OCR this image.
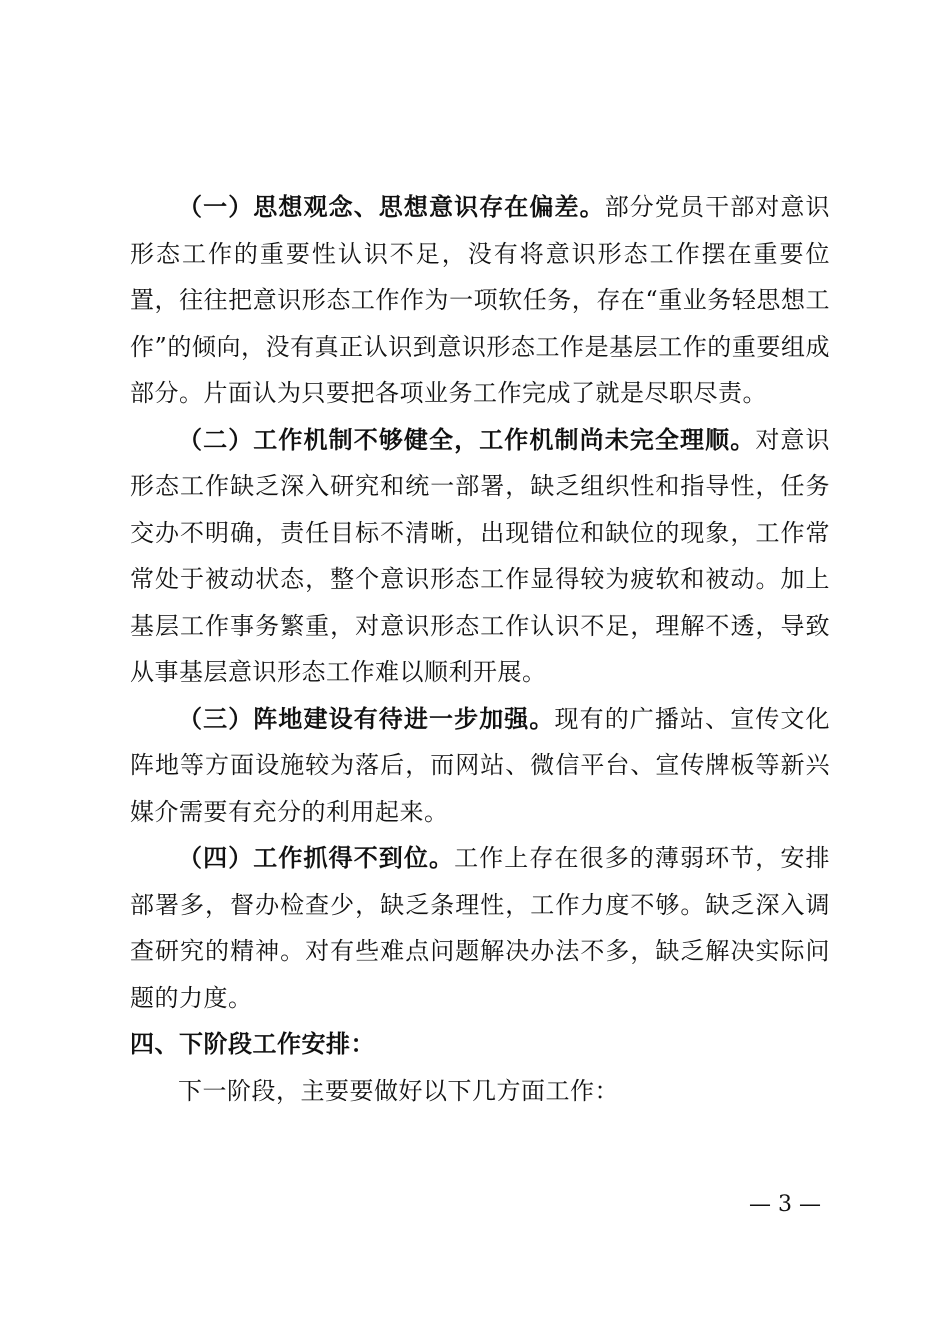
（一）思想观念、思想意识存在偏差。部分党员干部对意识形态工作的重要性认识不足，没有将意识形态工作摆在重要位置，往往把意识形态工作作为一项软任务，存在“重业务轻思想工作”的倾向，没有真正认识到意识形态工作是基层工作的重要组成部分。片面认为只要把各项业务工作完成了就是尽职尽责。

（二）工作机制不够健全，工作机制尚未完全理顺。对意识形态工作缺乏深入研究和统一部署，缺乏组织性和指导性，任务交办不明确，责任目标不清晰，出现错位和缺位的现象，工作常常处于被动状态，整个意识形态工作显得较为疲软和被动。加上基层工作事务繁重，对意识形态工作认识不足，理解不透，导致从事基层意识形态工作难以顺利开展。

（三）阵地建设有待进一步加强。现有的广播站、宣传文化阵地等方面设施较为落后，而网站、微信平台、宣传牌板等新兴媒介需要有充分的利用起来。

（四）工作抓得不到位。工作上存在很多的薄弱环节，安排部署多，督办检查少，缺乏条理性，工作力度不够。缺乏深入调查研究的精神。对有些难点问题解决办法不多，缺乏解决实际问题的力度。

四、下阶段工作安排：

下一阶段，主要要做好以下几方面工作：

— 3 —
